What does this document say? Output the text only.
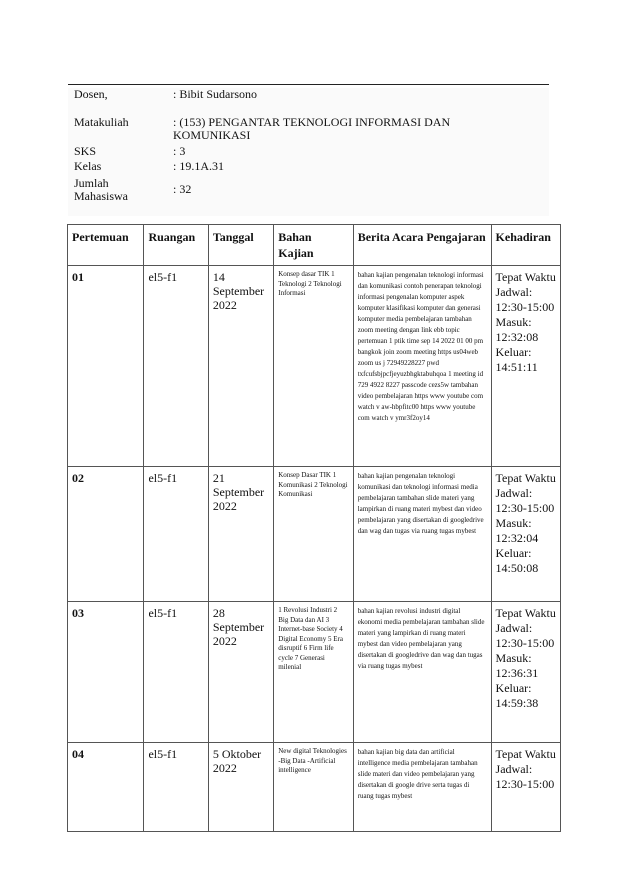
Dosen,	: Bibit Sudarsono
Matakuliah	: (153) PENGANTAR TEKNOLOGI INFORMASI DAN KOMUNIKASI
SKS	: 3
Kelas	: 19.1A.31
Jumlah Mahasiswa	: 32
Pertemuan	Ruangan	Tanggal	Bahan Kajian	Berita Acara Pengajaran	Kehadiran
01	el5-f1	14 September 2022	Konsep dasar TIK 1 Teknologi 2 Teknologi Informasi	bahan kajian pengenalan teknologi informasi dan komunikasi contoh penerapan teknologi informasi pengenalan komputer aspek komputer klasifikasi komputer dan generasi komputer media pembelajaran tambahan zoom meeting dengan link ebb topic pertemuan 1 ptik time sep 14 2022 01 00 pm bangkok join zoom meeting https us04web zoom us j 72949228227 pwd txfcufsbjpcfjeyuzbhgktabuhqoa 1 meeting id 729 4922 8227 passcode cezs5w tambahan video pembelajaran https www youtube com watch v aw-hbpfitc00 https www youtube com watch v ymr3f2oy14	Tepat Waktu Jadwal: 12:30-15:00 Masuk: 12:32:08 Keluar: 14:51:11
02	el5-f1	21 September 2022	Konsep Dasar TIK 1 Komunikasi 2 Teknologi Komunikasi	bahan kajian pengenalan teknologi komunikasi dan teknologi informasi media pembelajaran tambahan slide materi yang lampirkan di ruang materi mybest dan video pembelajaran yang disertakan di googledrive dan wag dan tugas via ruang tugas mybest	Tepat Waktu Jadwal: 12:30-15:00 Masuk: 12:32:04 Keluar: 14:50:08
03	el5-f1	28 September 2022	1 Revolusi Industri 2 Big Data dan AI 3 Internet-base Society 4 Digital Economy 5 Era disruptif 6 Firm life cycle 7 Generasi milenial	bahan kajian revolusi industri digital ekonomi media pembelajaran tambahan slide materi yang lampirkan di ruang materi mybest dan video pembelajaran yang disertakan di googledrive dan wag dan tugas via ruang tugas mybest	Tepat Waktu Jadwal: 12:30-15:00 Masuk: 12:36:31 Keluar: 14:59:38
04	el5-f1	5 Oktober 2022	New digital Teknologies -Big Data -Artificial intelligence	bahan kajian big data dan artificial intelligence media pembelajaran tambahan slide materi dan video pembelajaran yang disertakan di google drive serta tugas di ruang tugas mybest	Tepat Waktu Jadwal: 12:30-15:00
